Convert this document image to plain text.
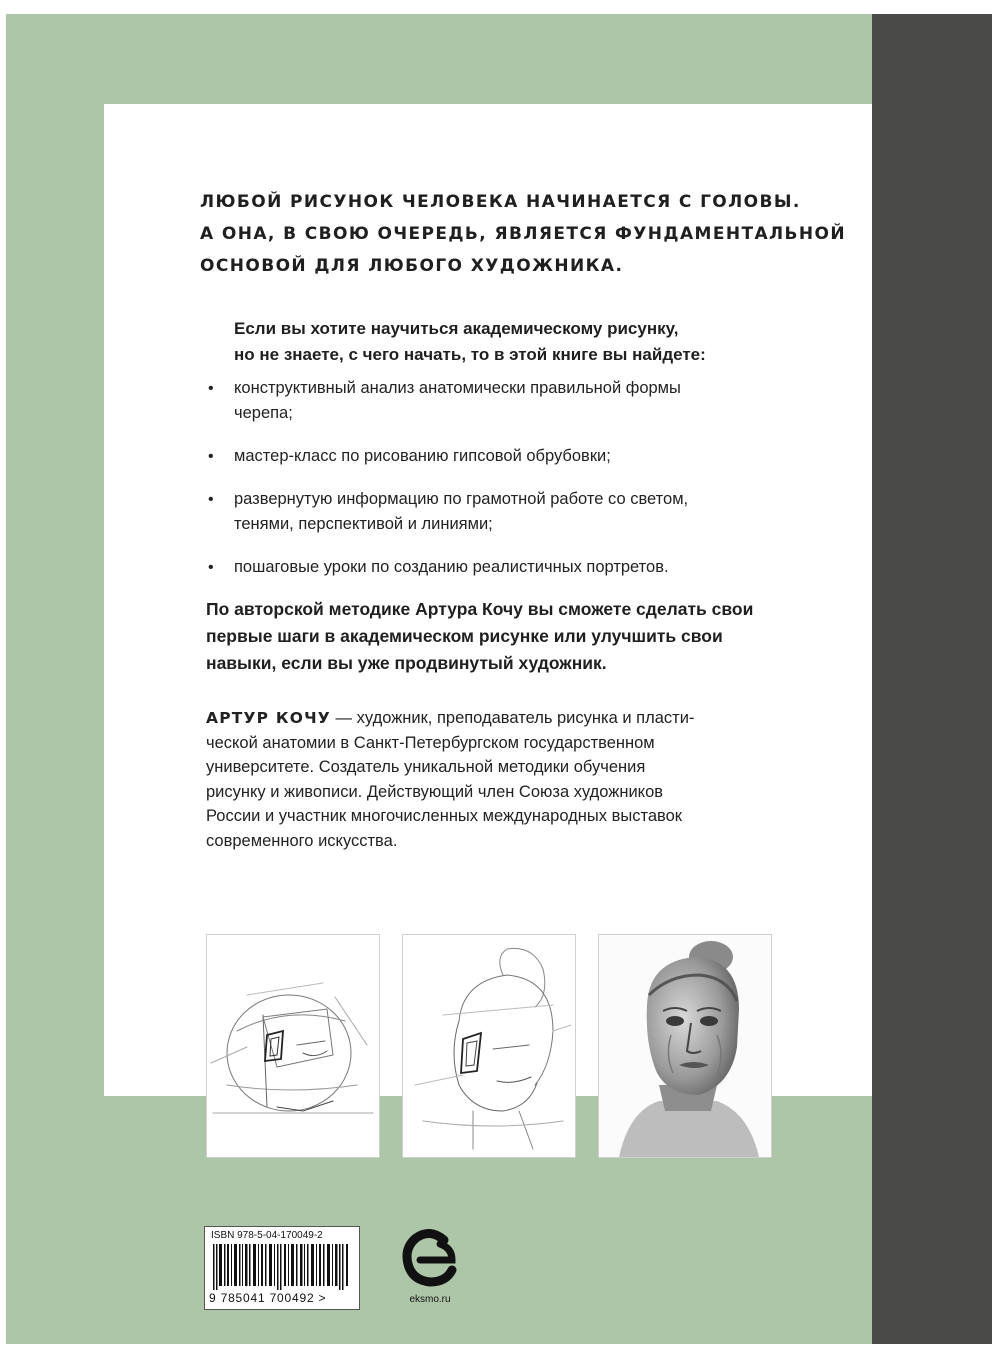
ЛЮБОЙ РИСУНОК ЧЕЛОВЕКА НАЧИНАЕТСЯ С ГОЛОВЫ.
А ОНА, В СВОЮ ОЧЕРЕДЬ, ЯВЛЯЕТСЯ ФУНДАМЕНТАЛЬНОЙ
ОСНОВОЙ ДЛЯ ЛЮБОГО ХУДОЖНИКА.
Если вы хотите научиться академическому рисунку,
но не знаете, с чего начать, то в этой книге вы найдете:
• конструктивный анализ анатомически правильной формы
черепа;
• мастер-класс по рисованию гипсовой обрубовки;
• развернутую информацию по грамотной работе со светом,
тенями, перспективой и линиями;
• пошаговые уроки по созданию реалистичных портретов.
По авторской методике Артура Кочу вы сможете сделать свои
первые шаги в академическом рисунке или улучшить свои
навыки, если вы уже продвинутый художник.
АРТУР КОЧУ — художник, преподаватель рисунка и пласти-
ческой анатомии в Санкт-Петербургском государственном
университете. Создатель уникальной методики обучения
рисунку и живописи. Действующий член Союза художников
России и участник многочисленных международных выставок
современного искусства.
ISBN 978-5-04-170049-2
9 785041 700492 >	eksmo.ru
